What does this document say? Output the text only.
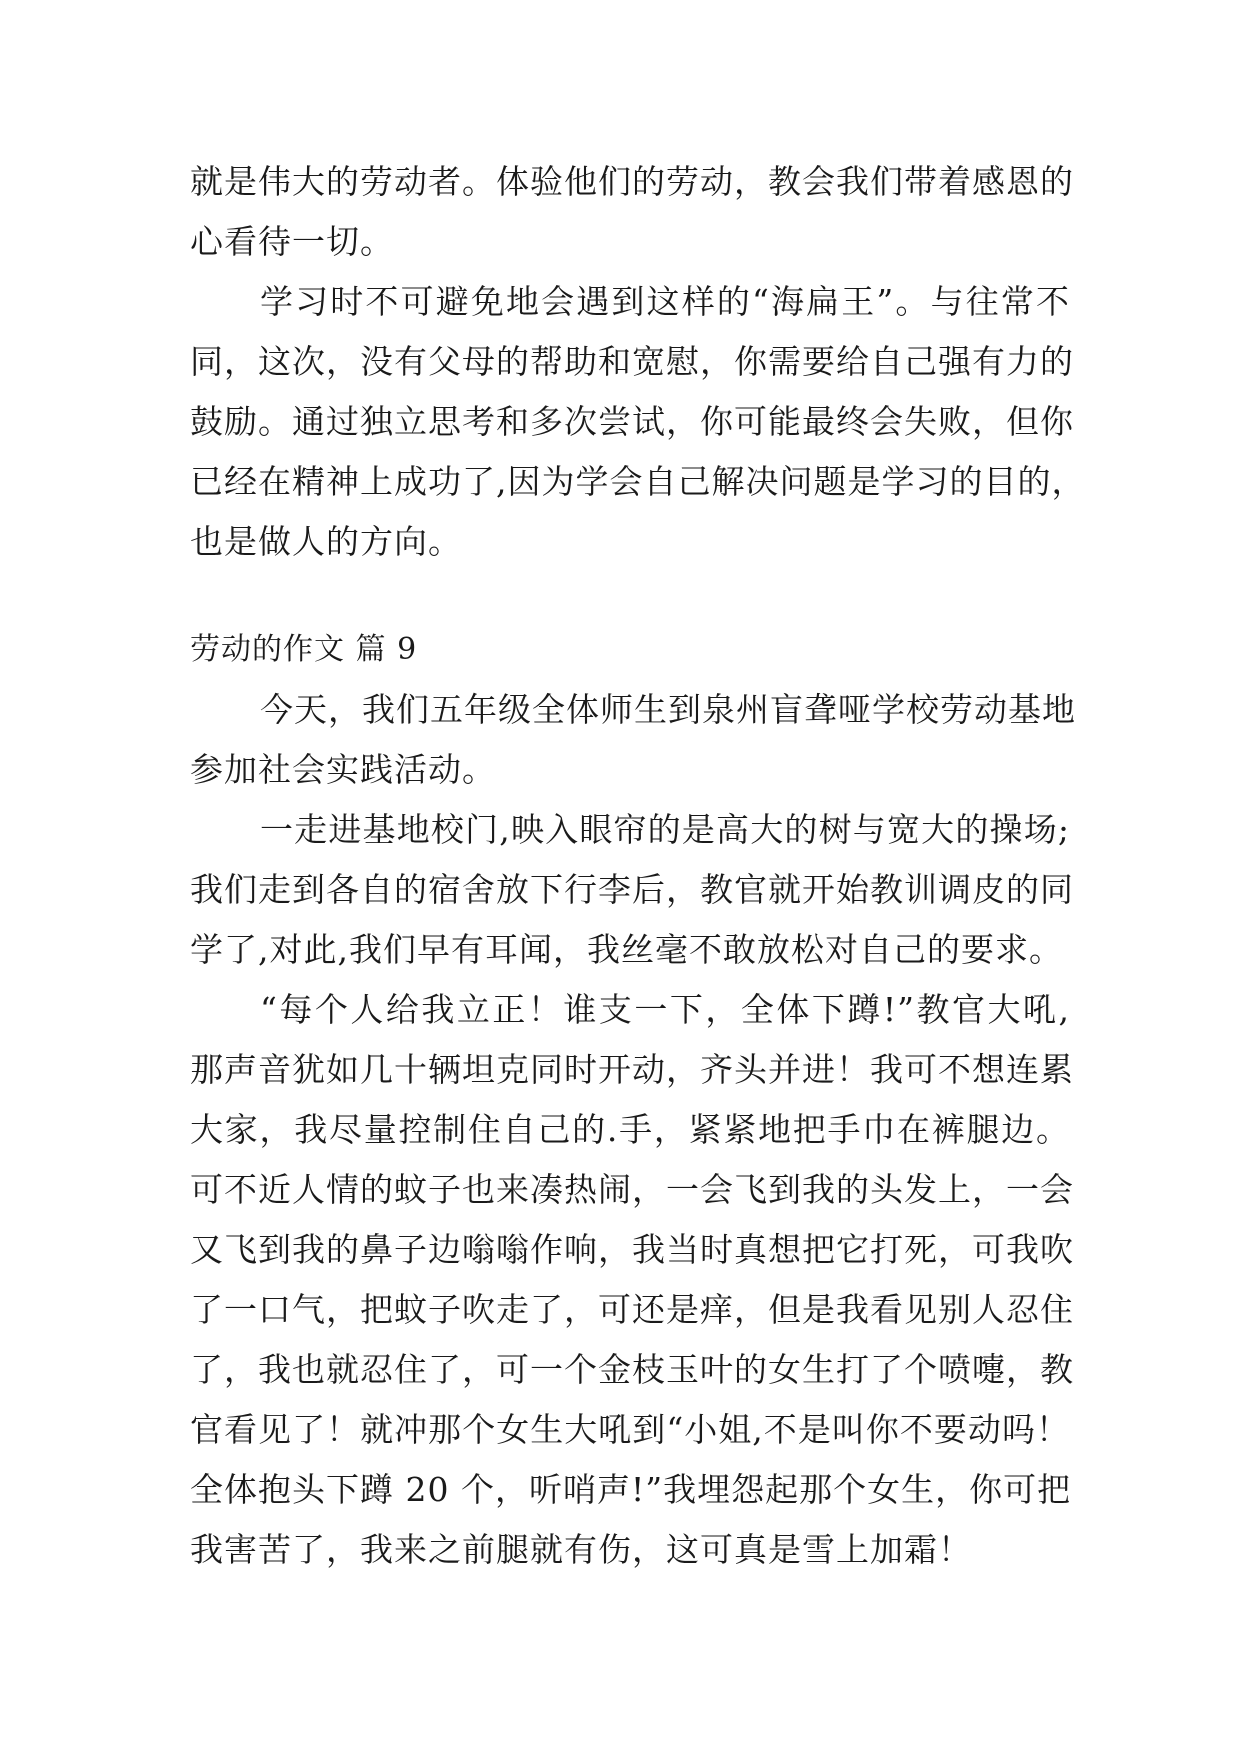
就是伟大的劳动者。体验他们的劳动，教会我们带着感恩的
心看待一切。
学习时不可避免地会遇到这样的“海扁王”。与往常不
同，这次，没有父母的帮助和宽慰，你需要给自己强有力的
鼓励。通过独立思考和多次尝试，你可能最终会失败，但你
已经在精神上成功了,因为学会自己解决问题是学习的目的，
也是做人的方向。
劳动的作文 篇 9
今天，我们五年级全体师生到泉州盲聋哑学校劳动基地
参加社会实践活动。
一走进基地校门,映入眼帘的是高大的树与宽大的操场;
我们走到各自的宿舍放下行李后，教官就开始教训调皮的同
学了,对此,我们早有耳闻，我丝毫不敢放松对自己的要求。
“每个人给我立正！谁支一下，全体下蹲!”教官大吼,
那声音犹如几十辆坦克同时开动，齐头并进！我可不想连累
大家，我尽量控制住自己的.手，紧紧地把手巾在裤腿边。
可不近人情的蚊子也来凑热闹，一会飞到我的头发上，一会
又飞到我的鼻子边嗡嗡作响，我当时真想把它打死，可我吹
了一口气，把蚊子吹走了，可还是痒，但是我看见别人忍住
了，我也就忍住了，可一个金枝玉叶的女生打了个喷嚏，教
官看见了！就冲那个女生大吼到“小姐,不是叫你不要动吗！
全体抱头下蹲 20 个，听哨声!”我埋怨起那个女生，你可把
我害苦了，我来之前腿就有伤，这可真是雪上加霜！
